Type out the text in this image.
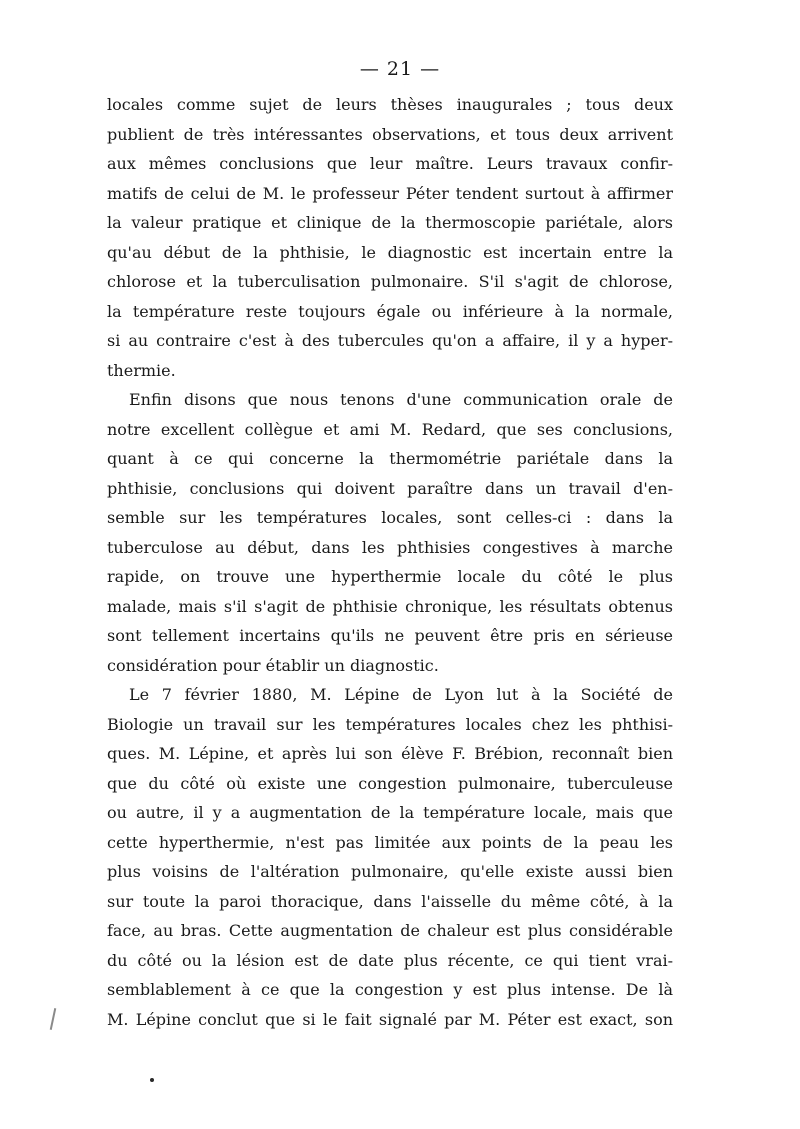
— 21 —
locales comme sujet de leurs thèses inaugurales ; tous deux
publient de très intéressantes observations, et tous deux arrivent
aux mêmes conclusions que leur maître. Leurs travaux confir-
matifs de celui de M. le professeur Péter tendent surtout à affirmer
la valeur pratique et clinique de la thermoscopie pariétale, alors
qu'au début de la phthisie, le diagnostic est incertain entre la
chlorose et la tuberculisation pulmonaire. S'il s'agit de chlorose,
la température reste toujours égale ou inférieure à la normale,
si au contraire c'est à des tubercules qu'on a affaire, il y a hyper-
thermie.
Enfin disons que nous tenons d'une communication orale de
notre excellent collègue et ami M. Redard, que ses conclusions,
quant à ce qui concerne la thermométrie pariétale dans la
phthisie, conclusions qui doivent paraître dans un travail d'en-
semble sur les températures locales, sont celles-ci : dans la
tuberculose au début, dans les phthisies congestives à marche
rapide, on trouve une hyperthermie locale du côté le plus
malade, mais s'il s'agit de phthisie chronique, les résultats obtenus
sont tellement incertains qu'ils ne peuvent être pris en sérieuse
considération pour établir un diagnostic.
Le 7 février 1880, M. Lépine de Lyon lut à la Société de
Biologie un travail sur les températures locales chez les phthisi-
ques. M. Lépine, et après lui son élève F. Brébion, reconnaît bien
que du côté où existe une congestion pulmonaire, tuberculeuse
ou autre, il y a augmentation de la température locale, mais que
cette hyperthermie, n'est pas limitée aux points de la peau les
plus voisins de l'altération pulmonaire, qu'elle existe aussi bien
sur toute la paroi thoracique, dans l'aisselle du même côté, à la
face, au bras. Cette augmentation de chaleur est plus considérable
du côté ou la lésion est de date plus récente, ce qui tient vrai-
semblablement à ce que la congestion y est plus intense. De là
M. Lépine conclut que si le fait signalé par M. Péter est exact, son
